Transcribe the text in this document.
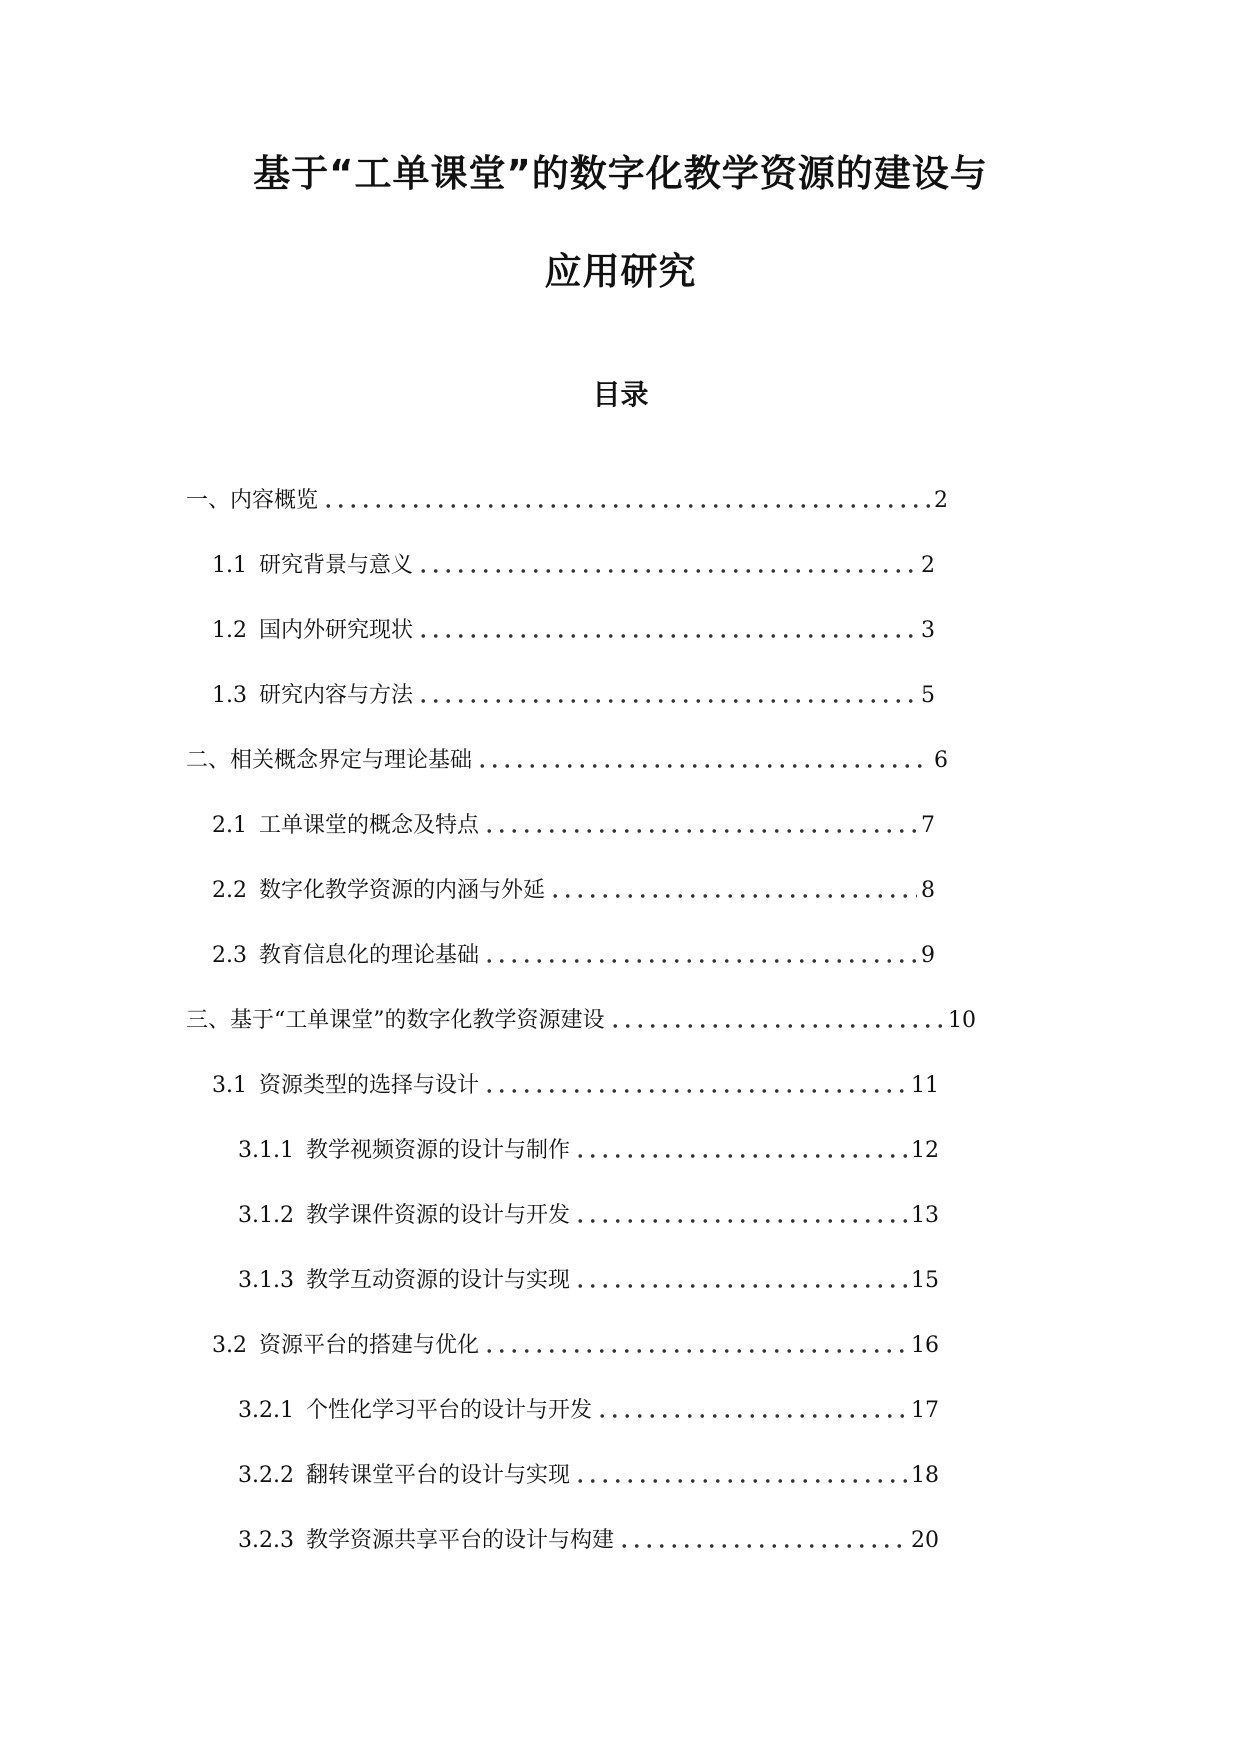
基于“工单课堂”的数字化教学资源的建设与
应用研究
目录
一、内容概览	2
1.1 研究背景与意义	2
1.2 国内外研究现状	3
1.3 研究内容与方法	5
二、相关概念界定与理论基础	6
2.1 工单课堂的概念及特点	7
2.2 数字化教学资源的内涵与外延	8
2.3 教育信息化的理论基础	9
三、基于“工单课堂”的数字化教学资源建设	10
3.1 资源类型的选择与设计	11
3.1.1 教学视频资源的设计与制作	12
3.1.2 教学课件资源的设计与开发	13
3.1.3 教学互动资源的设计与实现	15
3.2 资源平台的搭建与优化	16
3.2.1 个性化学习平台的设计与开发	17
3.2.2 翻转课堂平台的设计与实现	18
3.2.3 教学资源共享平台的设计与构建	20
